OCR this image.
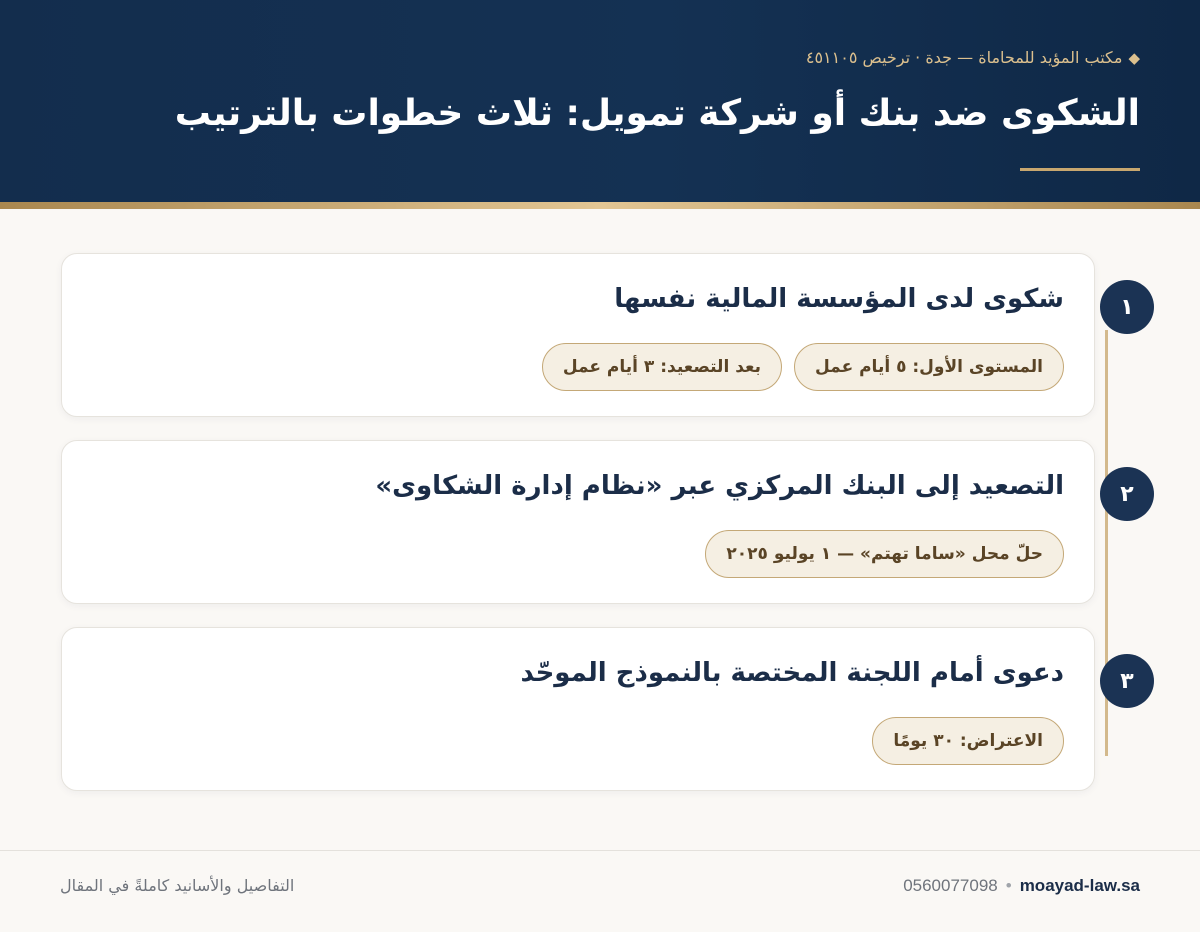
◆
مكتب المؤيد للمحاماة — جدة · ترخيص ٤٥١١٠٥
الشكوى ضد بنك أو شركة تمويل: ثلاث خطوات بالترتيب
شكوى لدى المؤسسة المالية نفسها
المستوى الأول: ٥ أيام عمل
بعد التصعيد: ٣ أيام عمل
١
التصعيد إلى البنك المركزي عبر «نظام إدارة الشكاوى»
حلّ محل «ساما تهتم» — ١ يوليو ٢٠٢٥
٢
دعوى أمام اللجنة المختصة بالنموذج الموحّد
الاعتراض: ٣٠ يومًا
٣
0560077098 • moayad-law.sa
التفاصيل والأسانيد كاملةً في المقال
